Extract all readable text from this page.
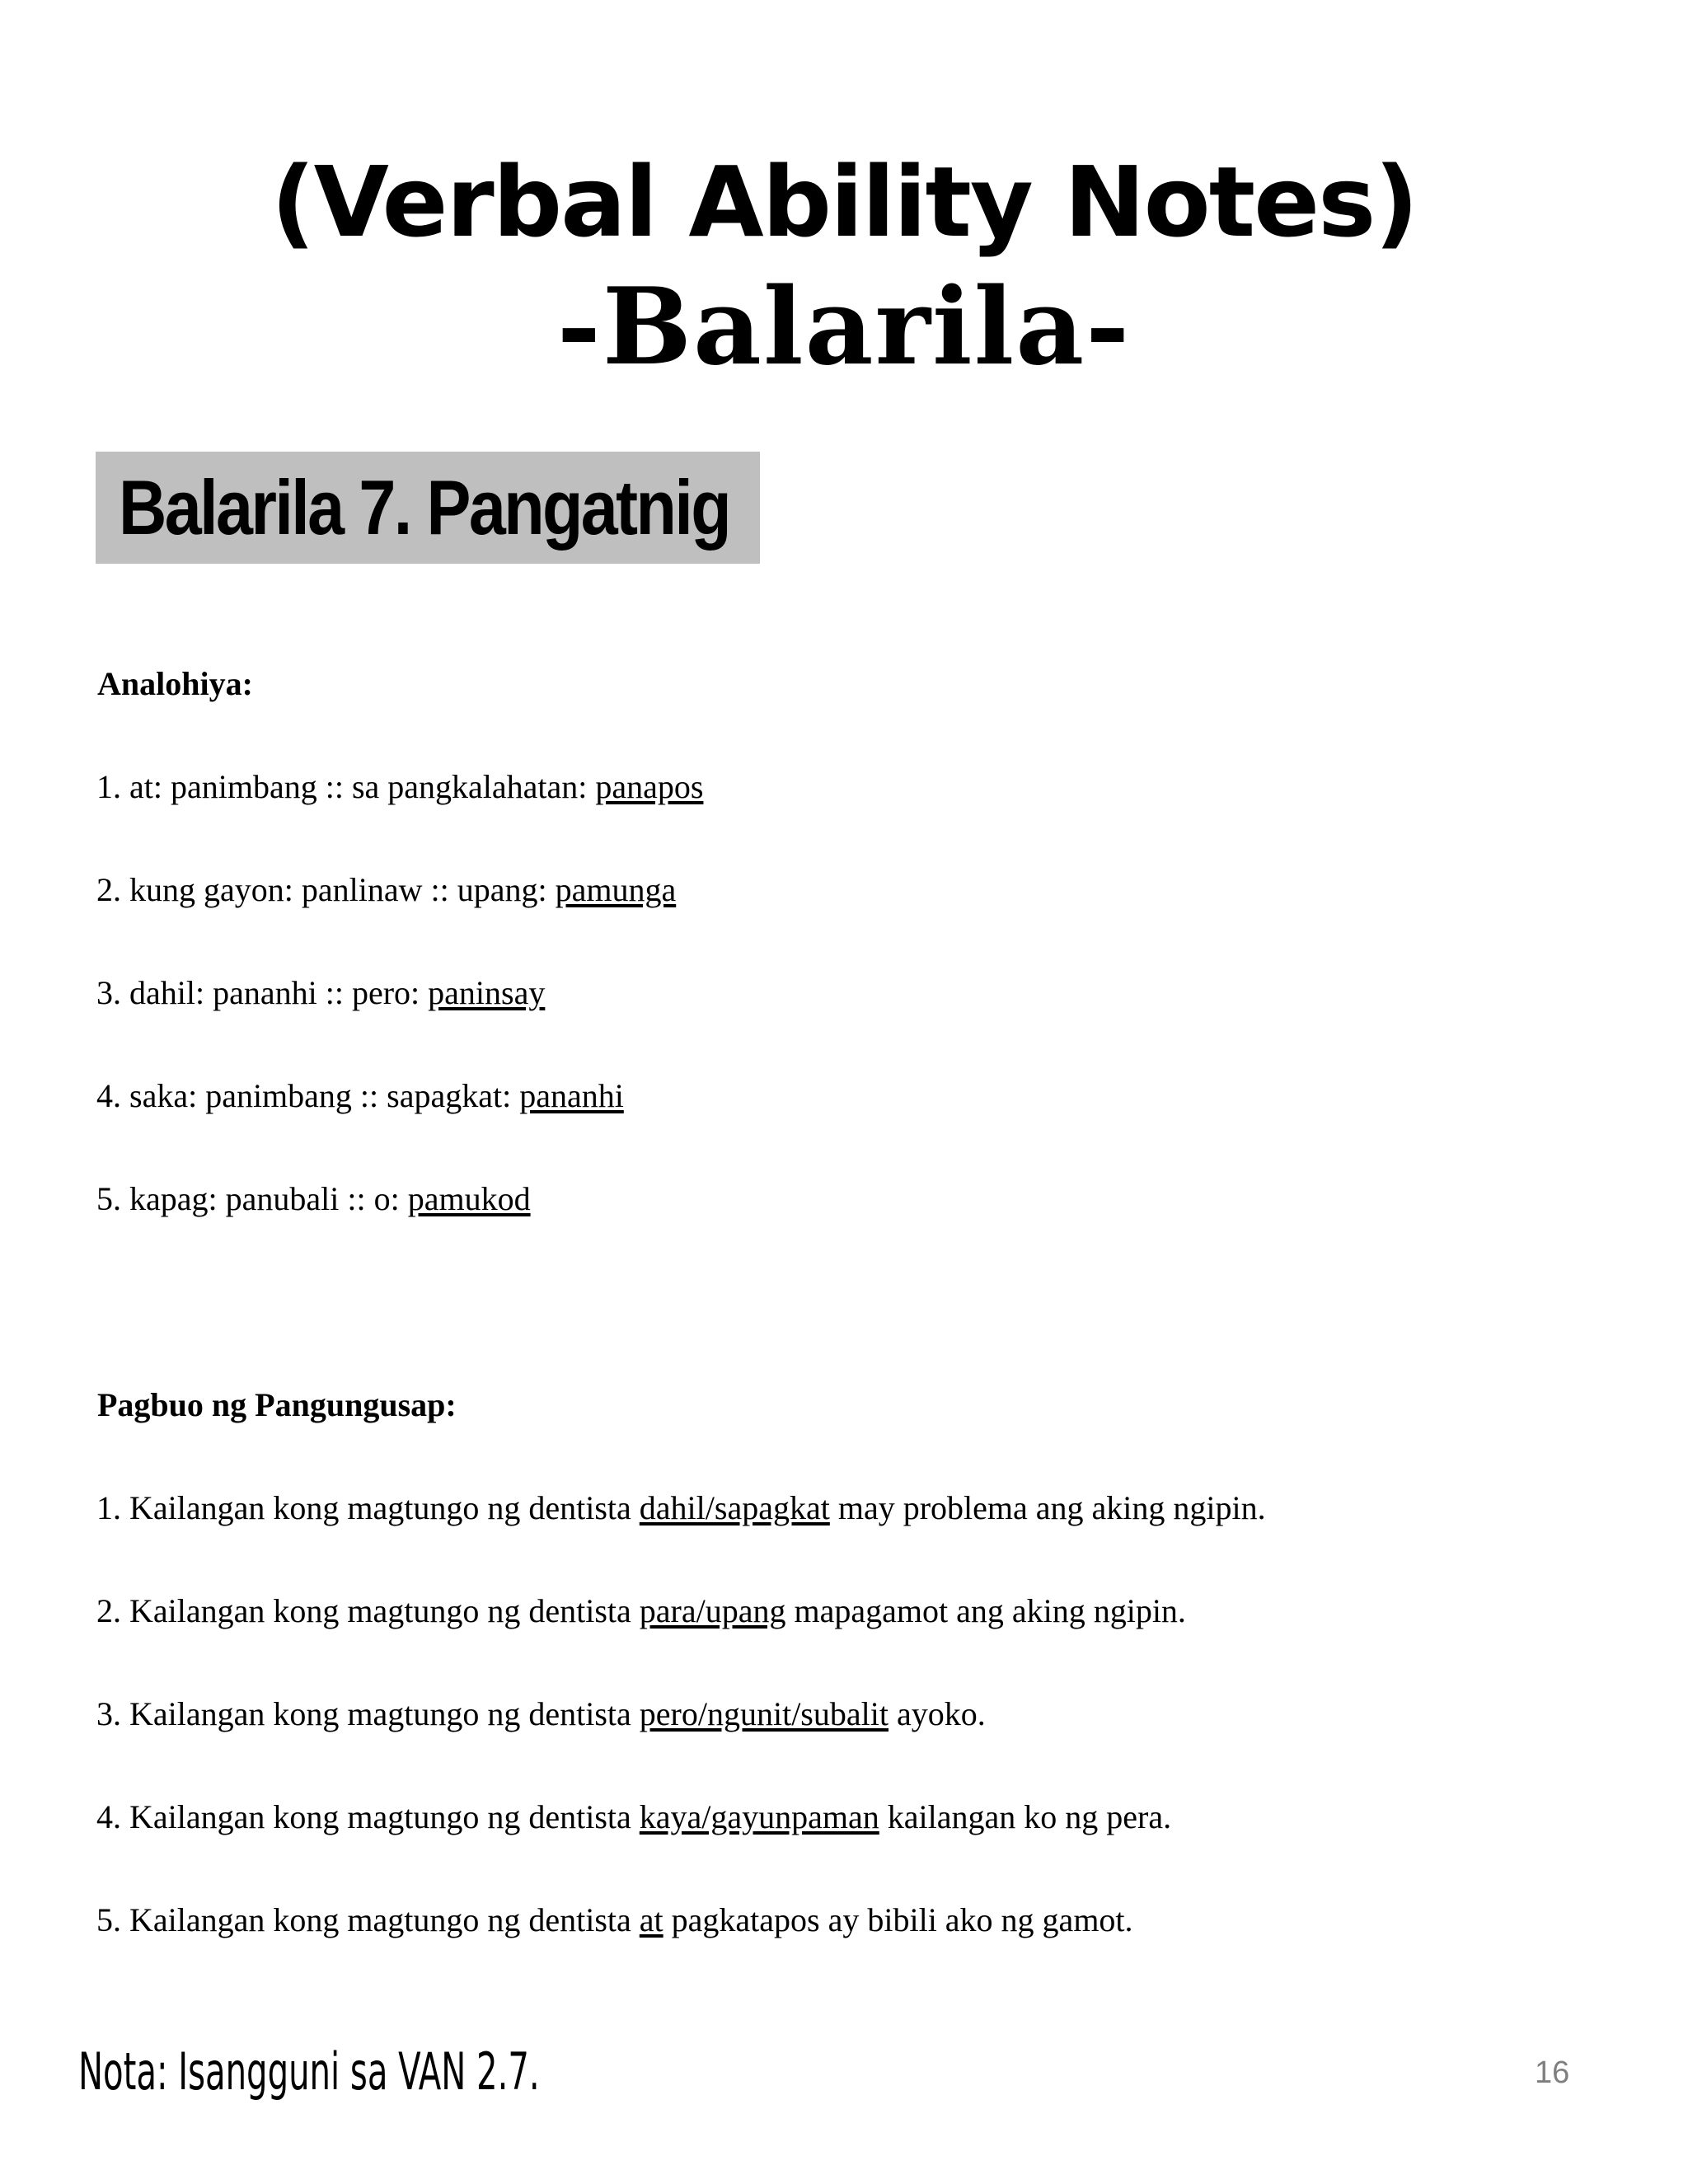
(Verbal Ability Notes)
-Balarila-
Balarila 7. Pangatnig
Analohiya:
1. at: panimbang :: sa pangkalahatan: panapos
2. kung gayon: panlinaw :: upang: pamunga
3. dahil: pananhi :: pero: paninsay
4. saka: panimbang :: sapagkat: pananhi
5. kapag: panubali :: o: pamukod
Pagbuo ng Pangungusap:
1. Kailangan kong magtungo ng dentista dahil/sapagkat may problema ang aking ngipin.
2. Kailangan kong magtungo ng dentista para/upang mapagamot ang aking ngipin.
3. Kailangan kong magtungo ng dentista pero/ngunit/subalit ayoko.
4. Kailangan kong magtungo ng dentista kaya/gayunpaman kailangan ko ng pera.
5. Kailangan kong magtungo ng dentista at pagkatapos ay bibili ako ng gamot.
Nota: Isangguni sa VAN 2.7.	16
